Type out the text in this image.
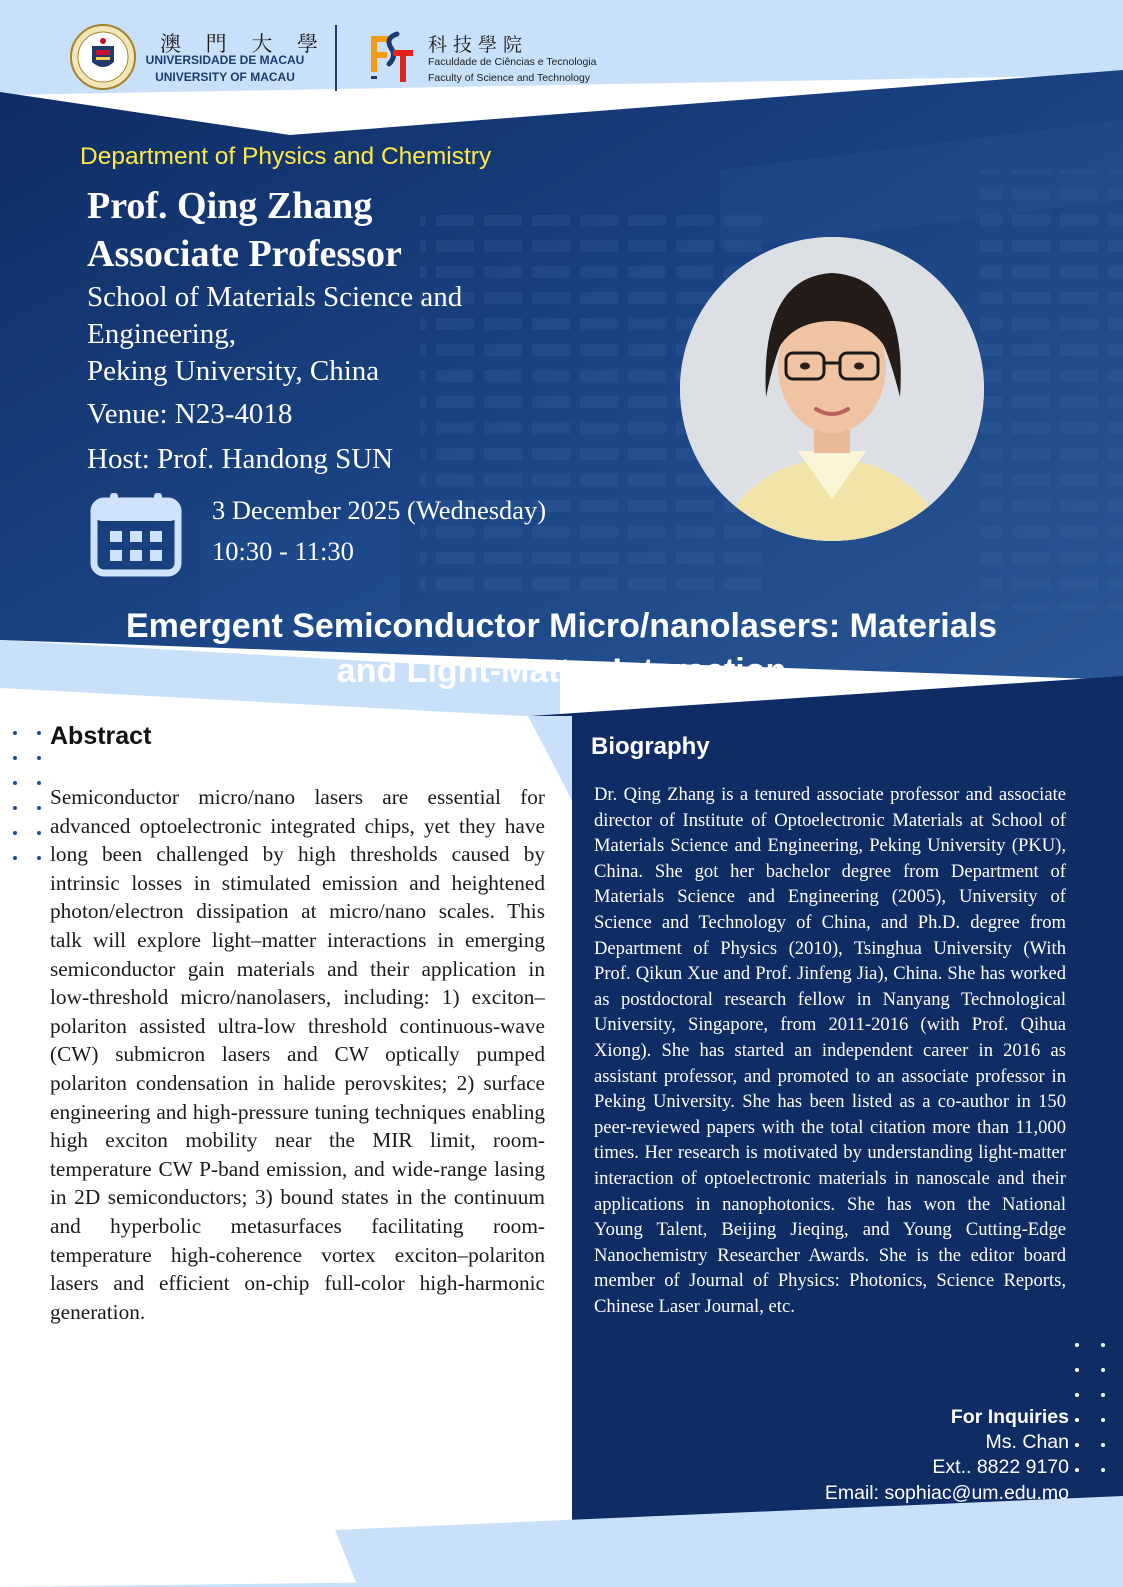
澳 門 大 學
UNIVERSIDADE DE MACAU
UNIVERSITY OF MACAU
科技學院
Faculdade de Ciências e Tecnologia
Faculty of Science and Technology
Department of Physics and Chemistry
Prof. Qing Zhang
Associate Professor
School of Materials Science and
Engineering,
Peking University, China
Venue: N23-4018
Host: Prof. Handong SUN
3 December 2025 (Wednesday)
10:30 - 11:30
Emergent Semiconductor Micro/nanolasers: Materials
and Light-Matter Interaction
Abstract
Semiconductor micro/nano lasers are essential for advanced optoelectronic integrated chips, yet they have long been challenged by high thresholds caused by intrinsic losses in stimulated emission and heightened photon/electron dissipation at micro/nano scales. This talk will explore light–matter interactions in emerging semiconductor gain materials and their application in low-threshold micro/nanolasers, including: 1) exciton–polariton assisted ultra-low threshold continuous-wave (CW) submicron lasers and CW optically pumped polariton condensation in halide perovskites; 2) surface engineering and high-pressure tuning techniques enabling high exciton mobility near the MIR limit, room-temperature CW P-band emission, and wide-range lasing in 2D semiconductors; 3) bound states in the continuum and hyperbolic metasurfaces facilitating room-temperature high-coherence vortex exciton–polariton lasers and efficient on-chip full-color high-harmonic generation.
Biography
Dr. Qing Zhang is a tenured associate professor and associate director of Institute of Optoelectronic Materials at School of Materials Science and Engineering, Peking University (PKU), China. She got her bachelor degree from Department of Materials Science and Engineering (2005), University of Science and Technology of China, and Ph.D. degree from Department of Physics (2010), Tsinghua University (With Prof. Qikun Xue and Prof. Jinfeng Jia), China. She has worked as postdoctoral research fellow in Nanyang Technological University, Singapore, from 2011-2016 (with Prof. Qihua Xiong). She has started an independent career in 2016 as assistant professor, and promoted to an associate professor in Peking University. She has been listed as a co-author in 150 peer-reviewed papers with the total citation more than 11,000 times. Her research is motivated by understanding light-matter interaction of optoelectronic materials in nanoscale and their applications in nanophotonics. She has won the National Young Talent, Beijing Jieqing, and Young Cutting-Edge Nanochemistry Researcher Awards. She is the editor board member of Journal of Physics: Photonics, Science Reports, Chinese Laser Journal, etc.
For Inquiries
Ms. Chan
Ext.. 8822 9170
Email: sophiac@um.edu.mo
